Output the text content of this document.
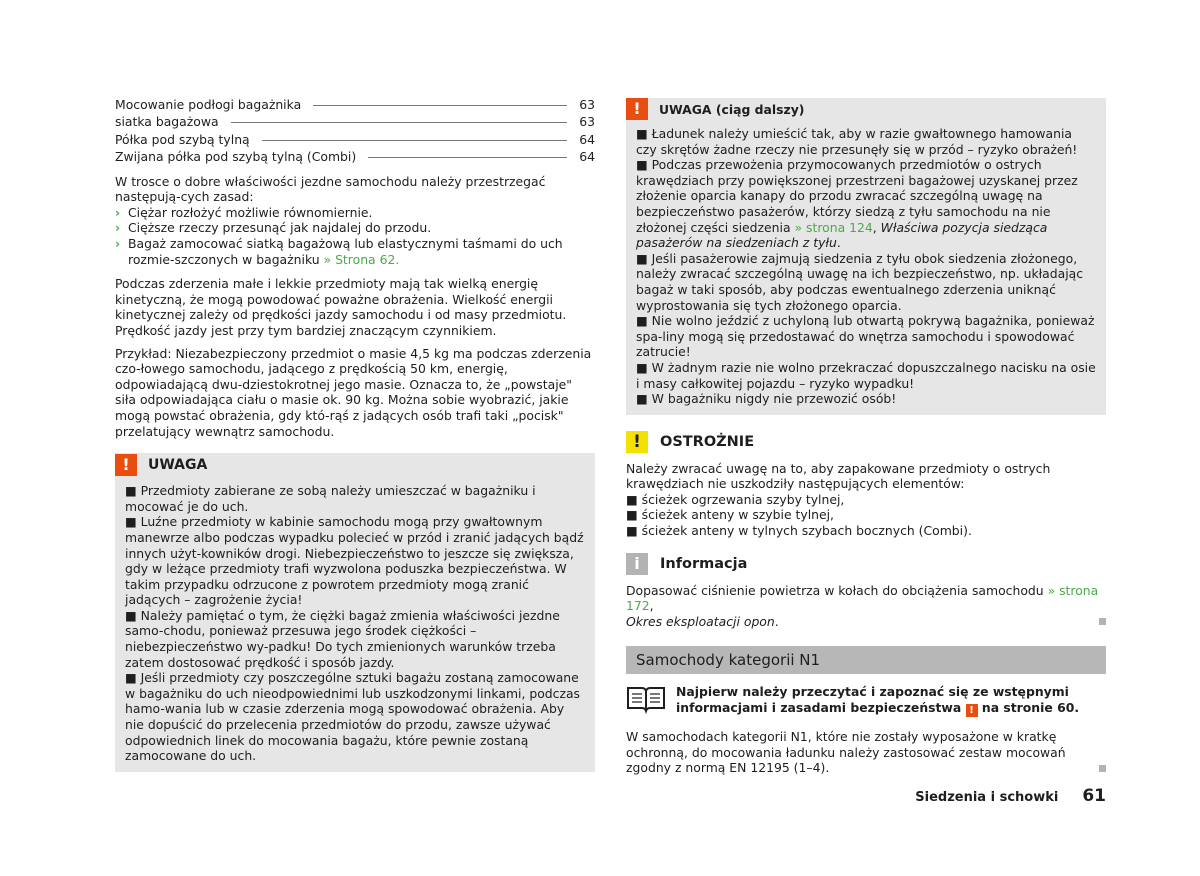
Mocowanie podłogi bagażnika	63
siatka bagażowa	63
Półka pod szybą tylną	64
Zwijana półka pod szybą tylną (Combi)	64

W trosce o dobre właściwości jezdne samochodu należy przestrzegać następują-cych zasad:

› Ciężar rozłożyć możliwie równomiernie.
› Cięższe rzeczy przesunąć jak najdalej do przodu.
› Bagaż zamocować siatką bagażową lub elastycznymi taśmami do uch rozmie-szczonych w bagażniku » Strona 62.

Podczas zderzenia małe i lekkie przedmioty mają tak wielką energię kinetyczną, że mogą powodować poważne obrażenia. Wielkość energii kinetycznej zależy od prędkości jazdy samochodu i od masy przedmiotu. Prędkość jazdy jest przy tym bardziej znaczącym czynnikiem.

Przykład: Niezabezpieczony przedmiot o masie 4,5 kg ma podczas zderzenia czo-łowego samochodu, jadącego z prędkością 50 km, energię, odpowiadającą dwu-dziestokrotnej jego masie. Oznacza to, że „powstaje" siła odpowiadająca ciału o masie ok. 90 kg. Można sobie wyobrazić, jakie mogą powstać obrażenia, gdy któ-rąś z jadących osób trafi taki „pocisk" przelatujący wewnątrz samochodu.

!	UWAGA
■ Przedmioty zabierane ze sobą należy umieszczać w bagażniku i mocować je do uch.
■ Luźne przedmioty w kabinie samochodu mogą przy gwałtownym manewrze albo podczas wypadku polecieć w przód i zranić jadących bądź innych użyt-kowników drogi. Niebezpieczeństwo to jeszcze się zwiększa, gdy w leżące przedmioty trafi wyzwolona poduszka bezpieczeństwa. W takim przypadku odrzucone z powrotem przedmioty mogą zranić jadących – zagrożenie życia!
■ Należy pamiętać o tym, że ciężki bagaż zmienia właściwości jezdne samo-chodu, ponieważ przesuwa jego środek ciężkości – niebezpieczeństwo wy-padku! Do tych zmienionych warunków trzeba zatem dostosować prędkość i sposób jazdy.
■ Jeśli przedmioty czy poszczególne sztuki bagażu zostaną zamocowane w bagażniku do uch nieodpowiednimi lub uszkodzonymi linkami, podczas hamo-wania lub w czasie zderzenia mogą spowodować obrażenia. Aby nie dopuścić do przelecenia przedmiotów do przodu, zawsze używać odpowiednich linek do mocowania bagażu, które pewnie zostaną zamocowane do uch.
!	UWAGA (ciąg dalszy)
■ Ładunek należy umieścić tak, aby w razie gwałtownego hamowania czy skrętów żadne rzeczy nie przesunęły się w przód – ryzyko obrażeń!
■ Podczas przewożenia przymocowanych przedmiotów o ostrych krawędziach przy powiększonej przestrzeni bagażowej uzyskanej przez złożenie oparcia kanapy do przodu zwracać szczególną uwagę na bezpieczeństwo pasażerów, którzy siedzą z tyłu samochodu na nie złożonej części siedzenia » strona 124, Właściwa pozycja siedząca pasażerów na siedzeniach z tyłu.
■ Jeśli pasażerowie zajmują siedzenia z tyłu obok siedzenia złożonego, należy zwracać szczególną uwagę na ich bezpieczeństwo, np. układając bagaż w taki sposób, aby podczas ewentualnego zderzenia uniknąć wyprostowania się tych złożonego oparcia.
■ Nie wolno jeździć z uchyloną lub otwartą pokrywą bagażnika, ponieważ spa-liny mogą się przedostawać do wnętrza samochodu i spowodować zatrucie!
■ W żadnym razie nie wolno przekraczać dopuszczalnego nacisku na osie i masy całkowitej pojazdu – ryzyko wypadku!
■ W bagażniku nigdy nie przewozić osób!
!	OSTROŻNIE

Należy zwracać uwagę na to, aby zapakowane przedmioty o ostrych krawędziach nie uszkodziły następujących elementów:

■ ścieżek ogrzewania szyby tylnej,
■ ścieżek anteny w szybie tylnej,
■ ścieżek anteny w tylnych szybach bocznych (Combi).
i	Informacja

Dopasować ciśnienie powietrza w kołach do obciążenia samochodu » strona 172,
Okres eksploatacji opon.

Samochody kategorii N1
Najpierw należy przeczytać i zapoznać się ze wstępnymi informacjami i zasadami bezpieczeństwa ! na stronie 60.

W samochodach kategorii N1, które nie zostały wyposażone w kratkę ochronną, do mocowania ładunku należy zastosować zestaw mocowań zgodny z normą EN 12195 (1–4).

Siedzenia i schowki 61
